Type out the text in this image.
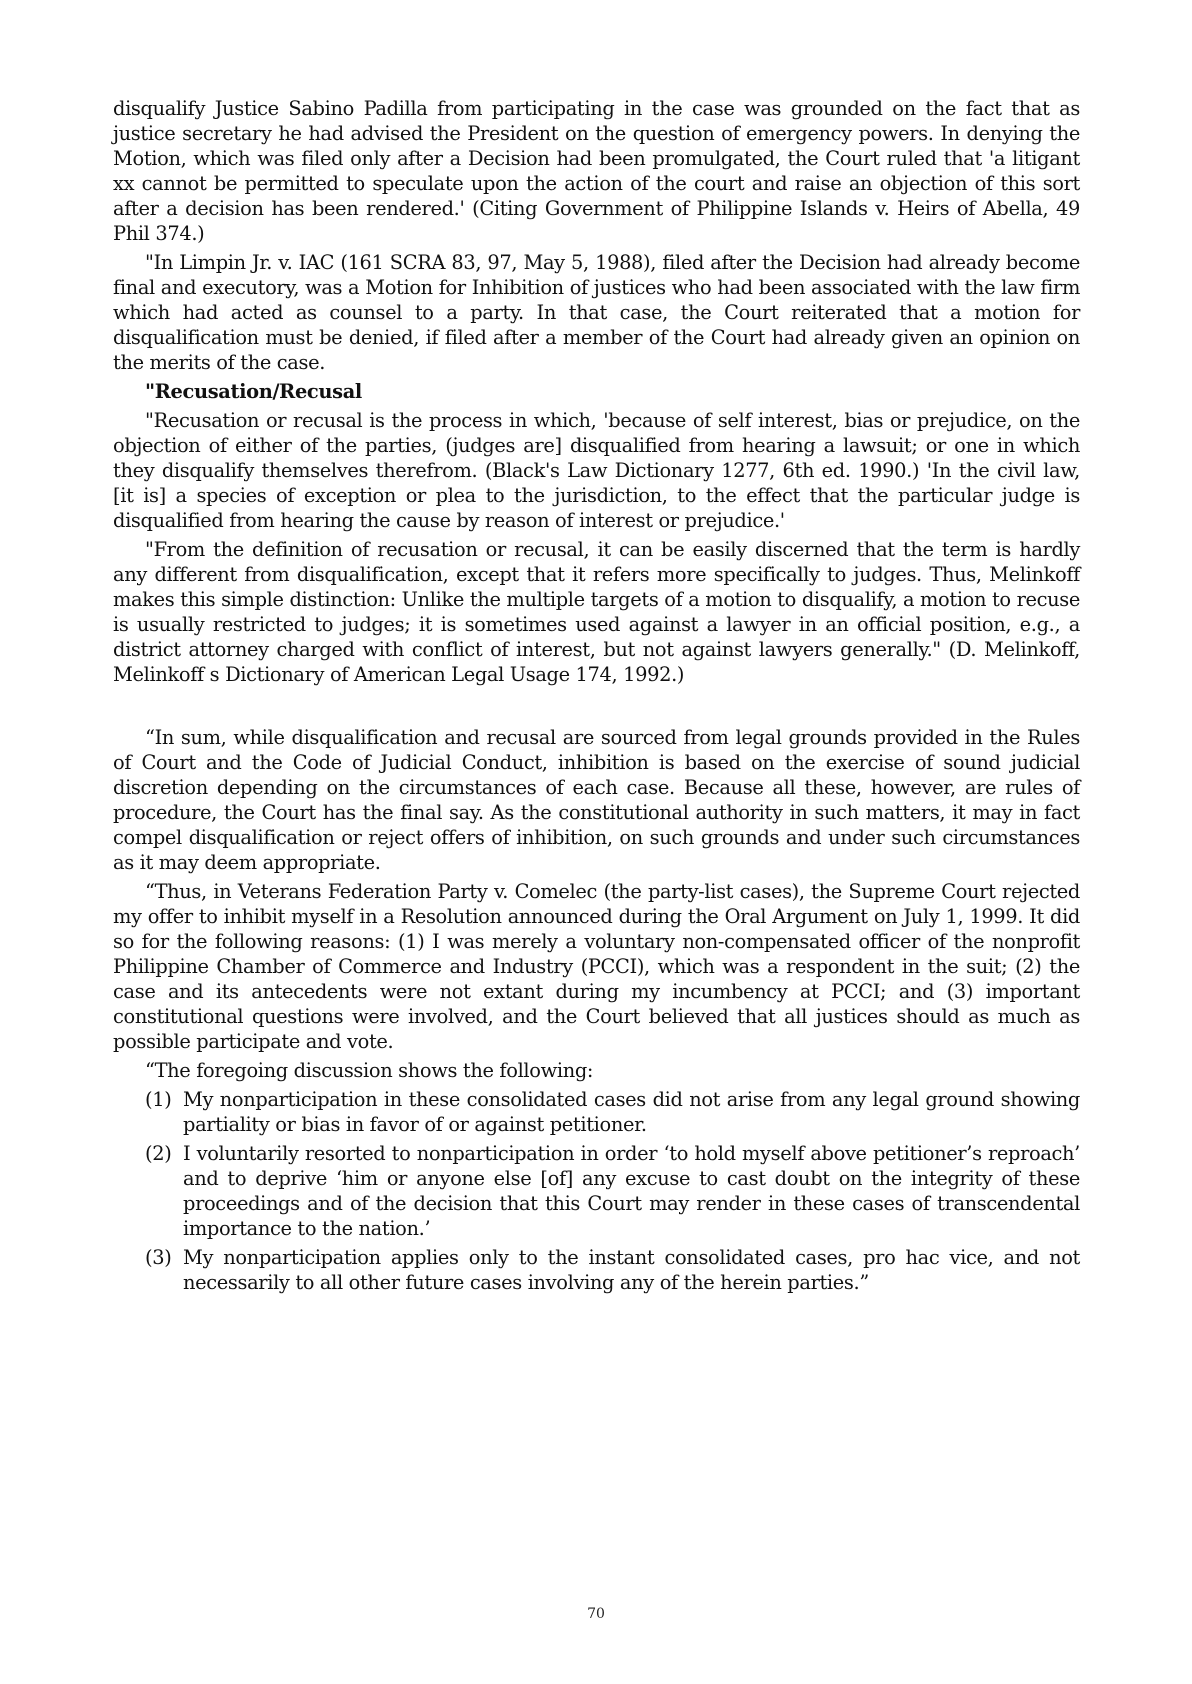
disqualify Justice Sabino Padilla from participating in the case was grounded on the fact that as justice secretary he had advised the President on the question of emergency powers. In denying the Motion, which was filed only after a Decision had been promulgated, the Court ruled that 'a litigant xx cannot be permitted to speculate upon the action of the court and raise an objection of this sort after a decision has been rendered.' (Citing Government of Philippine Islands v. Heirs of Abella, 49 Phil 374.)

"In Limpin Jr. v. IAC (161 SCRA 83, 97, May 5, 1988), filed after the Decision had already become final and executory, was a Motion for Inhibition of justices who had been associated with the law firm which had acted as counsel to a party. In that case, the Court reiterated that a motion for disqualification must be denied, if filed after a member of the Court had already given an opinion on the merits of the case.

"Recusation/Recusal

"Recusation or recusal is the process in which, 'because of self interest, bias or prejudice, on the objection of either of the parties, (judges are] disqualified from hearing a lawsuit; or one in which they disqualify themselves therefrom. (Black's Law Dictionary 1277, 6th ed. 1990.) 'In the civil law, [it is] a species of exception or plea to the jurisdiction, to the effect that the particular judge is disqualified from hearing the cause by reason of interest or prejudice.'

"From the definition of recusation or recusal, it can be easily discerned that the term is hardly any different from disqualification, except that it refers more specifically to judges. Thus, Melinkoff makes this simple distinction: Unlike the multiple targets of a motion to disqualify, a motion to recuse is usually restricted to judges; it is sometimes used against a lawyer in an official position, e.g., a district attorney charged with conflict of interest, but not against lawyers generally." (D. Melinkoff, Melinkoff s Dictionary of American Legal Usage 174, 1992.)

“In sum, while disqualification and recusal are sourced from legal grounds provided in the Rules of Court and the Code of Judicial Conduct, inhibition is based on the exercise of sound judicial discretion depending on the circumstances of each case. Because all these, however, are rules of procedure, the Court has the final say. As the constitutional authority in such matters, it may in fact compel disqualification or reject offers of inhibition, on such grounds and under such circumstances as it may deem appropriate.

“Thus, in Veterans Federation Party v. Comelec (the party-list cases), the Supreme Court rejected my offer to inhibit myself in a Resolution announced during the Oral Argument on July 1, 1999. It did so for the following reasons: (1) I was merely a voluntary non-compensated officer of the nonprofit Philippine Chamber of Commerce and Industry (PCCI), which was a respondent in the suit; (2) the case and its antecedents were not extant during my incumbency at PCCI; and (3) important constitutional questions were involved, and the Court believed that all justices should as much as possible participate and vote.

“The foregoing discussion shows the following:

(1) My nonparticipation in these consolidated cases did not arise from any legal ground showing partiality or bias in favor of or against petitioner.
(2) I voluntarily resorted to nonparticipation in order ‘to hold myself above petitioner’s reproach’ and to deprive ‘him or anyone else [of] any excuse to cast doubt on the integrity of these proceedings and of the decision that this Court may render in these cases of transcendental importance to the nation.’
(3) My nonparticipation applies only to the instant consolidated cases, pro hac vice, and not necessarily to all other future cases involving any of the herein parties.”
70
